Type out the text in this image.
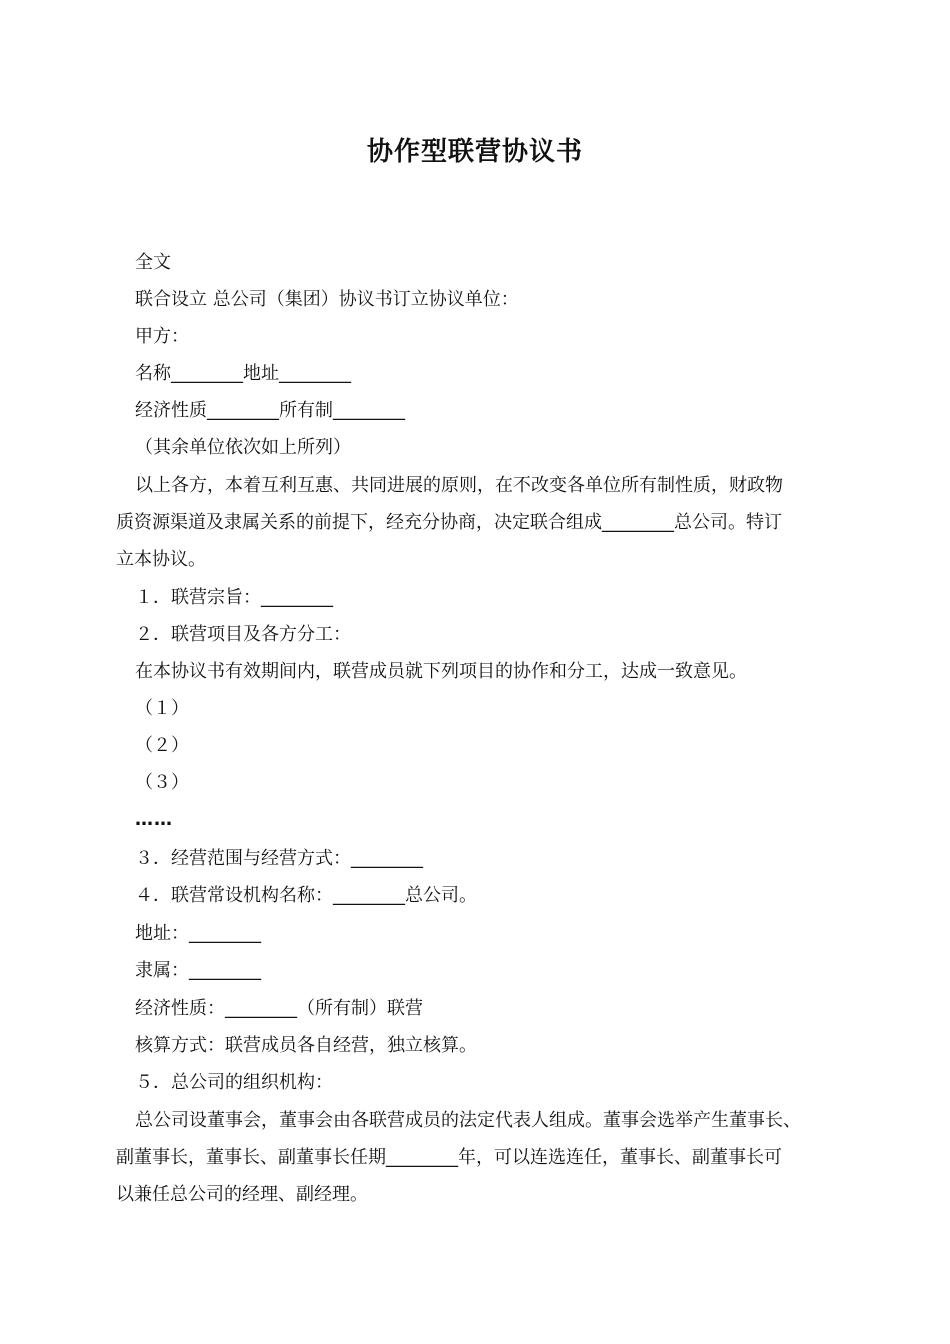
协作型联营协议书
全文
联合设立 总公司（集团）协议书订立协议单位：
甲方：
名称________地址________
经济性质________所有制________
（其余单位依次如上所列）
以上各方，本着互利互惠、共同进展的原则，在不改变各单位所有制性质，财政物
质资源渠道及隶属关系的前提下，经充分协商，决定联合组成________总公司。特订
立本协议。
１．联营宗旨：________
２．联营项目及各方分工：
在本协议书有效期间内，联营成员就下列项目的协作和分工，达成一致意见。
（１）
（２）
（３）
……
３．经营范围与经营方式：________
４．联营常设机构名称：________总公司。
地址：________
隶属：________
经济性质：________（所有制）联营
核算方式：联营成员各自经营，独立核算。
５．总公司的组织机构：
总公司设董事会，董事会由各联营成员的法定代表人组成。董事会选举产生董事长、
副董事长，董事长、副董事长任期________年，可以连选连任，董事长、副董事长可
以兼任总公司的经理、副经理。
